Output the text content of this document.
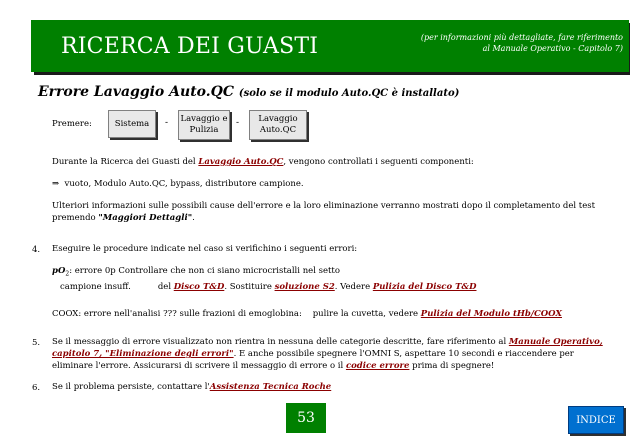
RICERCA DEI GUASTI	(per informazioni più dettagliate, fare riferimento al Manuale Operativo - Capitolo 7)
Errore Lavaggio Auto.QC (solo se il modulo Auto.QC è installato)
Premere:	Sistema	- Lavaggio e Pulizia
-	Lavaggio Auto.QC
Durante la Ricerca dei Guasti del Lavaggio Auto.QC, vengono controllati i seguenti componenti:
⇒ vuoto, Modulo Auto.QC, bypass, distributore campione.
Ulteriori informazioni sulle possibili cause dell'errore e la loro eliminazione verranno mostrati dopo il completamento del test premendo "Maggiori Dettagli".
4. Eseguire le procedure indicate nel caso si verifichino i seguenti errori:
$pO_2$: errore 0p Controllare che non ci siano microcristalli nel setto
campione insuff.          del Disco T&D. Sostituire soluzione S2. Vedere Pulizia del Disco T&D
COOX: errore nell'analisi ??? sulle frazioni di emoglobina: pulire la cuvetta, vedere Pulizia del Modulo tHb/COOX
5. Se il messaggio di errore visualizzato non rientra in nessuna delle categorie descritte, fare riferimento al Manuale Operativo, capitolo 7, "Eliminazione degli errori". E anche possibile spegnere l'OMNI S, aspettare 10 secondi e riaccendere per eliminare l'errore. Assicurarsi di scrivere il messaggio di errore o il codice errore prima di spegnere!
6. Se il problema persiste, contattare l'Assistenza Tecnica Roche
53	INDICE
